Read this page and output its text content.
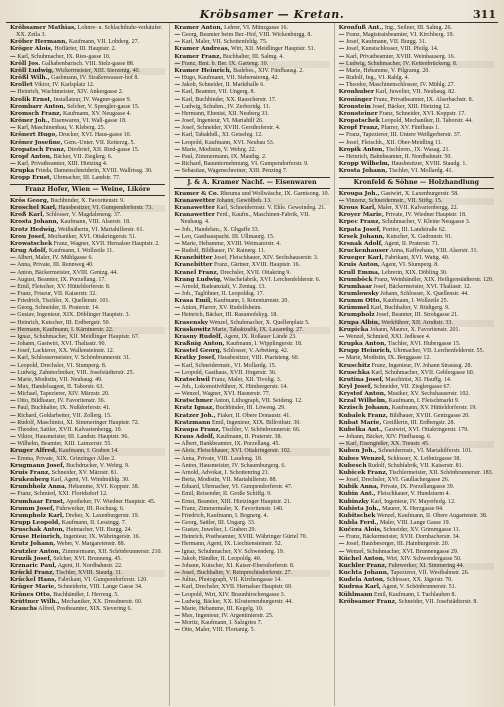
Kröbsamer — Kretan.	311

Kröbsamer Mathias, Lohnre- u. Schlachthuhr-verkäufer. XX. Zetla 3.

Kröber Hermann, Kaufmann, VII. Lobderg. 27.

Kröger Alois, Hoffärter, III. Hauptstr. 2.

— Karl, Schuhmacher, IX. Ries-gasse 10.

Kröll Jos. Galhabenbarisch. VIII. Stelz-gasse 88.

Kröll Ludwig, Wickerrneister, XIII. Sierzentg. 40.

Krößl Wilh., Gasbmann, IV. Straßenwasser-hof 8.

Krollet Viktor, IV. Karlsplatz 12.

— Heinrich, Wachtmeister, XIV. Ankergasse 2.

Krolik Ernst, Installateur, IV. Wagner-gasse 9.

Krombarr Anton, Selcher, V. Spengler-gasse 15.

Kromsch Franz, Kaufmann, XV. Neugasse 4.

Kröner Joh., Eisenwaren, VI. Wall-gasse 18.

— Karl, Maschinenbau, V. Kleberg. 25.

Krönert Hugo, Drucker, XVI. Haus-gasse 10.

Kröner Josefine, Gem.-Unter. VII. Ketterzg. 5.

Kropatsch Franz, Dirobrief, XII. Ried-gasse 15.

Kropf Anton, Bäcker, VII. Zieglerg. 6.

— Karl, Privatbeamter, XIII. Hietzing 4.

Krupka Frieda, Damenschneiderin, XVIII. Wallrissg. 30.

Kropp Ernst, Uhrmacher, III. Landstr. 77.

Franz Hofer, Wien — Weine, Liköre

Krös Georg, Buchbinder, X. Favoritenstr. 9.

Kroschel Karl, Hausbesitzer, VI. Gumpendorferstr. 73.

Kroß Karl, Schlosser, V. Magdaleneng. 37.

Krosta Johann, Kaufmann, VIII. Alserstr. 18.

Krotz Hedwig, Weißnäherin, VI. Mariahilferstr. 61.

Krou Josef, Mechaniker, XVI. Ottakringerstr. 51.

Krowatschek Franz, Wagner, XVII. Hernalser Hauptstr. 2.

Krug Adolf, Kaufmann, I. Wollzeile 11.

— Albert, Maler, IV. Mühlgasse 6.

— Anna, Private, III. Rennweg 40.

— Anton, Bäckermeister, XVIII. Gentzg. 44.

— August, Beamter, IX. Porzellang. 17.

— Emil, Fleischer, XV. Hütteldorferstr. 8.

— Franz, Friseur, VII. Kaiserstr. 32.

— Friedrich, Tischler, X. Quellenstr. 101.

— Georg, Schneider, II. Praterstr. 14.

— Gustav, Ingenieur, XIX. Döblinger Hauptstr. 3.

— Heinrich, Kutscher, III. Erdbergstr. 50.

— Hermann, Kaufmann, I. Kärntnerstr. 22.

— Ignaz, Schuhmacher, XII. Meidlinger Hauptstr. 67.

— Johann, Gastwirt, XVI. Thaliastr. 90.

— Josef, Lackierer, XX. Wallensteinstr. 12.

— Karl, Schlossermeister, V. Schönbrunnerstr. 31.

— Leopold, Drechsler, VI. Stumperg. 8.

— Ludwig, Zahntechniker, VIII. Josefstädterstr. 25.

— Marie, Modistin, VII. Neubaug. 49.

— Max, Handelsagent, II. Taborstr. 63.

— Michael, Tapezierer, XIV. Märzstr. 20.

— Otto, Bildhauer, IV. Favoritenstr. 36.

— Paul, Buchhalter, IX. Nußdorferstr. 41.

— Richard, Goldarbeiter, VII. Zollerg. 15.

— Rudolf, Maschinist, XI. Simmeringer Hauptstr. 72.

— Theodor, Sattler, XVII. Kalvarienbergg. 10.

— Viktor, Hausmeister, III. Landstr. Hauptstr. 96.

— Wilhelm, Beamter, XIII. Lainzerstr. 55.

Kruger Alfred, Kaufmann, I. Graben 14.

— Emma, Private, XIX. Grinzinger Allee 2.

Krugmann Josef, Buchdrucker, V. Wehrg. 9.

Kruis Franz, Schneider, XV. Märzstr. 81.

Krukenberg Karl, Agent, VI. Windmühlg. 30.

Krumbholz Anna, Hebamme, XVI. Koppstr. 38.

— Franz, Schmied, XXI. Floridsdorf 12.

Krumhaar Ernst, Apotheker, IV. Wiedner Hauptstr. 45.

Krumm Josef, Fuhrwerker, III. Rochusg. 6.

Krumpholz Karl, Dreher, X. Laxenburgerstr. 19.

Krupp Leopold, Kaufmann, II. Lessingg. 7.

Kruschak Anton, Hutmacher, VII. Burgg. 24.

Kruse Heinrich, Ingenieur, IX. Währingerstr. 16.

Krutz Johann, Weber, V. Margaretenstr. 88.

Krutzler Anton, Zimmermann, XII. Schönbrunnerstr. 210.

Kruzik Josef, Selcher, XVI. Brunneng. 45.

Krznaric Paul, Agent, II. Nordbahnstr. 22.

Krückl Franz, Tischler, XVIII. Staudg. 11.

Krückel Hans, Fabrikant, VI. Gumpendorferstr. 120.

Krüger Marie, Schneiderin, VIII. Lange Gasse 34.

Krünes Otto, Buchhändler, I. Herreng. 5.

Krüttner Wilh., Mechaniker, XX. Dresdnerstr. 60.

Krauchs Alfred, Postbeamter, XIX. Sievering 6.

Kramer Anton, Lehrer, VI. Münzgasse 16.

— Georg, Beamter beim Ber.-Hof, VIII. Wickenburgg. 8.

— Karl, Maler, VII. Schottenfeldg. 75.

Kramer Andreas, Wirt, XII. Meidlinger Hauptstr. 51.

Kramer Franz, Buchhalter, III. Salmg. 4.

— Franz, Bmt. b. Ber. IX. Garteng. 10.

Kramer Heinrich, Badebes., XIV. Fünfhausg. 2.

— Hugo, Kaufmann, VII. Siebensterng. 42.

— Jakob, Schneider, II. Markthalle 6.

— Karl, Beamter, VII. Ungerg. 8.

— Karl, Buchbinder, XX. Rauscherstr. 17.

— Ludwig, Schuhm., IV. Zerboridg. 11.

— Hermann, Ebenist, XII. Neuberg 33.

— Josef, Ingenieur, VI. Mariahilf 26.

— Josef, Schneider, XVIII. Gersthoferstr. 4.

— Karl, Tabakhdl., XI. Geiseleg. 12.

— Leopold, Kaufmann, XVI. Neubau 53.

— Marie, Modistin, V. Wehrg. 22.

— Paul, Zimmermann, IX. Mauthg. 2.

— Richard, Bauunternehmung, VI. Gumpendorferstr. 9.

— Sebastian, Wagenschreiner, XIII. Penzing 7.

J. & A. Kramer Nachf. — Eisenwaren

Kramer & Co. Rheuma und Wollwäsche, IX. Garnisong. 10.

Kranawetter Johann, Gewölbeh. 13.

Kranawetter Karl, Schneidermstr. V. Ehle. Geweindeg. 21.

Kranawetter Ferd., Kaufm., Maschinen-Fabrik, VII. Neubaug. 4.

— Joh., Handelsm., X. Ghgaffe 33.

— Leo, Gasthauspacht. III. Ullmaurg. 15.

— Marie, Hebamme, XVIII. Weimarerstr. 4.

— Rudolf, Bildhauer, IV. Rainerg. 11.

Kranebitter Josef, Fleischhauer, XIV. Sechshauserstr. 3.

Kranebitter Franz, Gärtner, XVIII. Hauptstr. 16.

Kranel Franz, Drechsler, XVII. Ottakring 9.

Krang Ludwig, Wäschefabrik, XVI. Lerchenfelderstr. 6.

— Arnold, Badeanstalt, V. Zentag. 13.

— Joh., Taglöhner, II. Leopoldsg. 17.

Krasa Emil, Kaufmann, I. Rotenturmstr. 20.

— Anton, Pfarrer, XV. Rudolfsheim.

— Heinrich, Bäcker, III. Rasumofskyg. 18.

Krasensky Wenzel, Schuhmacher, X. Quellenplatz 5.

Kraskowitz Marie, Tabaktrafik, IX. Lazarethg. 27.

Krasny Rudolf, Agent, IX. Roßauer Lände 23.

Kraßnig Anton, Kaufmann, I. Wipplingerstr. 18.

Krastel Georg, Schlosser, V. Arbeiterg. 42.

Kratky Josef, Hausbesitzer, VIII. Piaristeng. 60.

— Karl, Schneidermstr., VI. Mollardg. 15.

— Leopold, Gasthaus, XVII. Jörgerstr. 36.

Kratochwil Franz, Maler, XII. Tivolig. 3.

— Joh., Lokomotivführer, X. Himbergerstr. 14.

— Wenzel, Wagner, XVI. Hasnerstr. 77.

Kratschmer Anton, Lithograph, VII. Seideng. 12.

Kratz Ignaz, Buchbinder, III. Löweng. 29.

Kratzer Joh., Fiaker, II. Obere Donaustr. 41.

Kratzmann Emil, Ingenieur, XIX. Billrothstr. 30.

Kraupa Franz, Tischler, V. Schönbrunnerstr. 66.

Kraus Adolf, Kaufmann, II. Praterstr. 38.

— Albert, Bankbeamter, IX. Porzellang. 45.

— Alois, Fleischhauer, XVI. Ottakringerstr. 102.

— Anna, Private, VIII. Laudong. 18.

— Anton, Hausmeister, IV. Schaumburgerg. 6.

— Arnold, Advokat, I. Schottenring 21.

— Berta, Modistin, VII. Mariahilferstr. 88.

— Eduard, Uhrmacher, VI. Gumpendorferstr. 47.

— Emil, Reisender, II. Große Schiffg. 9.

— Ernst, Beamter, XIII. Hietzinger Hauptstr. 21.

— Franz, Zimmermaler, X. Favoritenstr. 140.

— Friedrich, Kaufmann, I. Bognerg. 4.

— Georg, Sattler, III. Ungarg. 33.

— Gustav, Juwelier, I. Graben 29.

— Heinrich, Postbeamter, XVIII. Währinger Gürtel 70.

— Hermann, Agent, IX. Liechtensteinstr. 52.

— Ignaz, Schuhmacher, XV. Schwenderg. 19.

— Jakob, Händler, II. Leopoldg. 40.

— Johann, Kutscher, XI. Kaiser-Ebersdorferstr. 8.

— Josef, Buchhalter, V. Reinprechtsdorferstr. 27.

— Julius, Photograph, VII. Kirchengasse 14.

— Karl, Drechsler, XVII. Hernalser Hauptstr. 60.

— Leopold, Wirt, XIV. Braunhirschengasse 3.

— Ludwig, Bäcker, XX. Klosterneuburgerstr. 44.

— Marie, Hebamme, III. Kegelg. 10.

— Max, Ingenieur, IV. Argentinierstr. 25.

— Moritz, Kaufmann, I. Salzgries 7.

— Otto, Maler, VIII. Florianig. 5.

Kronfuß Ant., Ing., Seilner, III. Salmg. 26.

— Franz, Magistratsbeamter, VI. Kirchberg. 19.

— Josef, Kaufmann, VII. Burgg. 31.

— Josef, Kunstschlosser, VIII. Pfeilg. 14.

— Karl, Privatbeamter, XVIII. Weinhauserg. 16.

— Ludwig, Schuhmacher, IV. Kettenbrückeng. 8.

— Marie, Hebamme, V. Pilgramg. 20.

— Rudolf, Ing., VI. Rahlg. 4.

— Theodor, Maschinenschlosser, IV. Mühlg. 27.

Kronhuber Karl, Juwelier, VII. Neubaug. 82.

Kroninger Franz, Privatbeamter, IX. Alserbachstr. 8.

Kronstein Josef, Bäcker, XIII. Hietzing 12.

Kronsteiner Franz, Schneider, XVI. Koppstr. 17.

Kropatschek Leopold, Mechaniker, II. Taborstr. 44.

Kropf Franz, Pfarrer, XV. Fünfhaus 1.

— Franz, Tapezierer, III. Untere Weißgerberstr. 37.

— Josef, Fleischh., XII. Ober-Meidling 11.

Kropik Anton, Tischlerm., IX. Wasag. 21.

— Heinrich, Bahnbeamter, II. Nordbahnstr. 50.

Kropp Wilhelm, Hausbesitzer, XVIII. Staudg. 1.

Krosta Johann, Tischler, VI. Mollardg. 41.

Kronfeld & Söhne — Holzhandlung

Kroupa Joh., Gastwirt, X. Laxenburgerstr. 58.

— Vinzenz, Schneidermstr., VII. Stiftg. 15.

Krous Karl, Maler, XVII. Kalvarienbergg. 22.

Kroyer Marie, Private, IV. Wiedner Hauptstr. 18.

Krpec Franz, Schuhmacher, V. Kleine Neugasse 3.

Krpata Josef, Portier, III. Landstraße 62.

Krsek Johann, Kutscher, X. Gudrunstr. 91.

Krsnak Adolf, Agent, II. Praterstr. 71.

Kruckenhauser Anna, Kaffeehaus, VIII. Alserstr. 31.

Krueger Karl, Fabrikant, XVI. Wattg. 40.

Kruis Anton, Agent, VI. Stumperg. 8.

Krull Emma, Lehrerin, XIX. Döbling 30.

Krumböck Franz, Weinhändler, XIX. Heiligenstädterstr. 120.

Krumhaar Josef, Bäckermeister, XVI. Thaliastr. 12.

Krumlowsky Johann, Schlosser, X. Quellenstr. 44.

Krumm Otto, Kaufmann, I. Wollzeile 25.

Krümmel Karl, Buchhalter, V. Rüdigerg. 9.

Krumpholz Josef, Beamter, III. Strohgasse 21.

Krupa Albin, Werkführer, XII. Arndtstr. 33.

Krupicka Johann, Maurer, X. Favoritenstr. 201.

— Wenzel, Schmied, XXI. Jedlesee 4.

Krupka Anton, Tischler, XVI. Hubergasse 15.

Krupp Heinrich, Uhrmacher, VII. Lerchenfelderstr. 55.

— Marie, Modistin, IX. Berggasse 12.

Kruschitz Franz, Ingenieur, IV. Johann Straussg. 28.

Kruschka Karl, Schuhmacher, XVII. Geblergasse 60.

Krutina Josef, Maschinist, XI. Hauffg. 14.

Kryl Josef, Schneider, VII. Zieglergasse 67.

Krystof Anton, Musiker, XV. Sechshauserstr. 102.

Krzal Wilhelm, Kaufmann, I. Fleischmarkt 9.

Krzisch Johann, Kaufmann, XV. Hütteldorferstr. 19.

Kubalek Franz, Bildhauer, XVIII. Gentzgasse 20.

Kubat Marie, Greißlerin, III. Erdbergstr. 28.

Kubelka Ant., Gastwirt, XVI. Ottakringerstr. 179.

— Johann, Bäcker, XIV. Fünfhausg. 6.

— Karl, Eisengießer, XX. Treustr. 45.

Kuben Joh., Schneidermstr., VI. Mariahilferstr. 101.

Kubes Wenzel, Schlosser, X. Leibnizgasse 38.

Kubesch Rudolf, Schuhfabrik, VII. Kaiserstr. 81.

Kubicek Franz, Tischlermeister, XII. Schönbrunnerstr. 183.

— Josef, Drechsler, XVI. Gaullachergasse 26.

Kubik Anna, Private, IX. Porzellangasse 39.

Kubin Ant., Fleischhauer, V. Hundsturm 4.

Kubinzky Karl, Ingenieur, IV. Mayerhofg. 12.

Kubista Joh., Maurer, X. Herzgasse 84.

Kubitschek Wenzel, Kaufmann, II. Obere Augartenstr. 38.

Kubla Ferd., Maler, VIII. Lange Gasse 19.

Kučera Alois, Schneider, XV. Grimmgasse 11.

— Franz, Bäckermeister, XVII. Dornbacherstr. 34.

— Josef, Hausbesorger, III. Hainburgerstr. 20.

— Wenzel, Schuhmacher, XVI. Brunnengasse 29.

Küchel Anton, Wirt, XIV. Schwendergasse 50.

Kuchler Franz, Fuhrwerker, XI. Simmering 44.

Kuchta Johann, Tapezierer, VII. Westbahnstr. 26.

Kudela Anton, Schlosser, XX. Jägerstr. 70.

Kudrna Karl, Agent, V. Schönbrunnerstr. 51.

Kühlmann Emil, Kaufmann, I. Tuchlauben 8.

Kröbsamer Franz, Schneider, VII. Josefstädterstr. 8.
